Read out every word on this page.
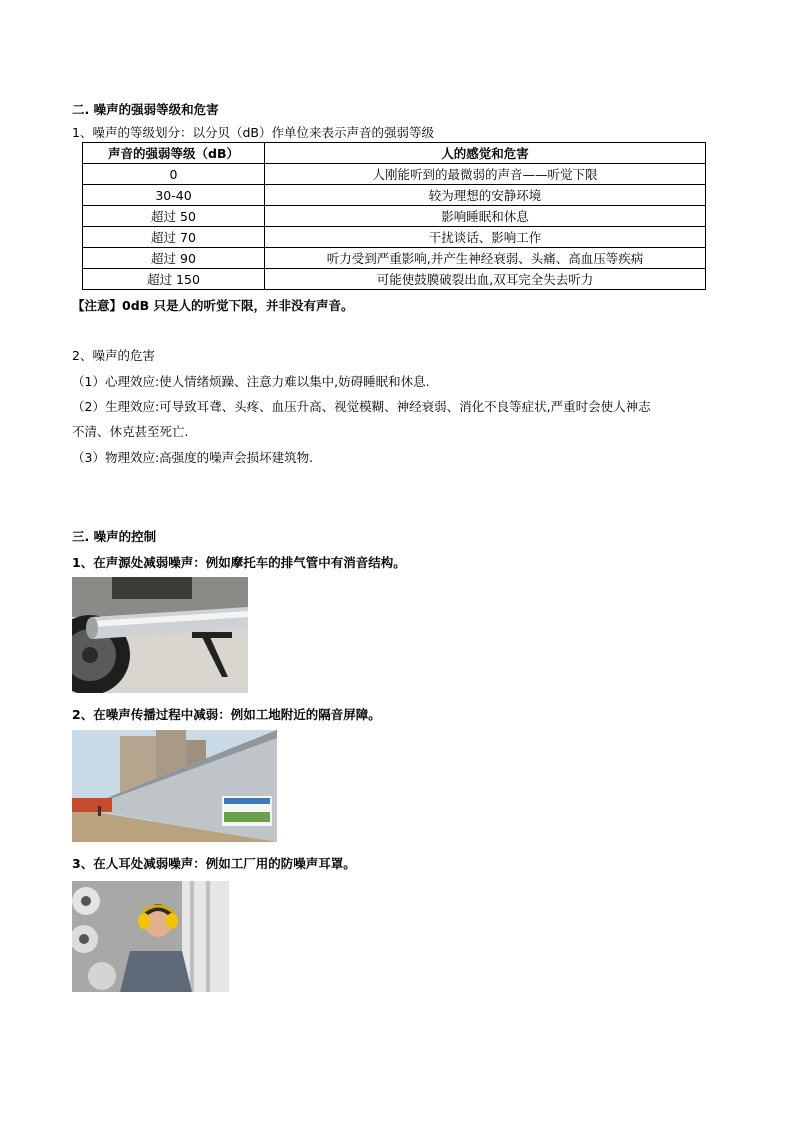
二. 噪声的强弱等级和危害
1、噪声的等级划分：以分贝（dB）作单位来表示声音的强弱等级
声音的强弱等级（dB）	人的感觉和危害
0	人刚能听到的最微弱的声音——听觉下限
30-40	较为理想的安静环境
超过 50	影响睡眠和休息
超过 70	干扰谈话、影响工作
超过 90	听力受到严重影响,并产生神经衰弱、头痛、高血压等疾病
超过 150	可能使鼓膜破裂出血,双耳完全失去听力
【注意】0dB 只是人的听觉下限，并非没有声音。
2、噪声的危害
（1）心理效应:使人情绪烦躁、注意力难以集中,妨碍睡眠和休息.
（2）生理效应:可导致耳聋、头疼、血压升高、视觉模糊、神经衰弱、消化不良等症状,严重时会使人神志
不清、休克甚至死亡.
（3）物理效应:高强度的噪声会损坏建筑物.
三. 噪声的控制
1、在声源处减弱噪声：例如摩托车的排气管中有消音结构。
2、在噪声传播过程中减弱：例如工地附近的隔音屏障。
3、在人耳处减弱噪声：例如工厂用的防噪声耳罩。
